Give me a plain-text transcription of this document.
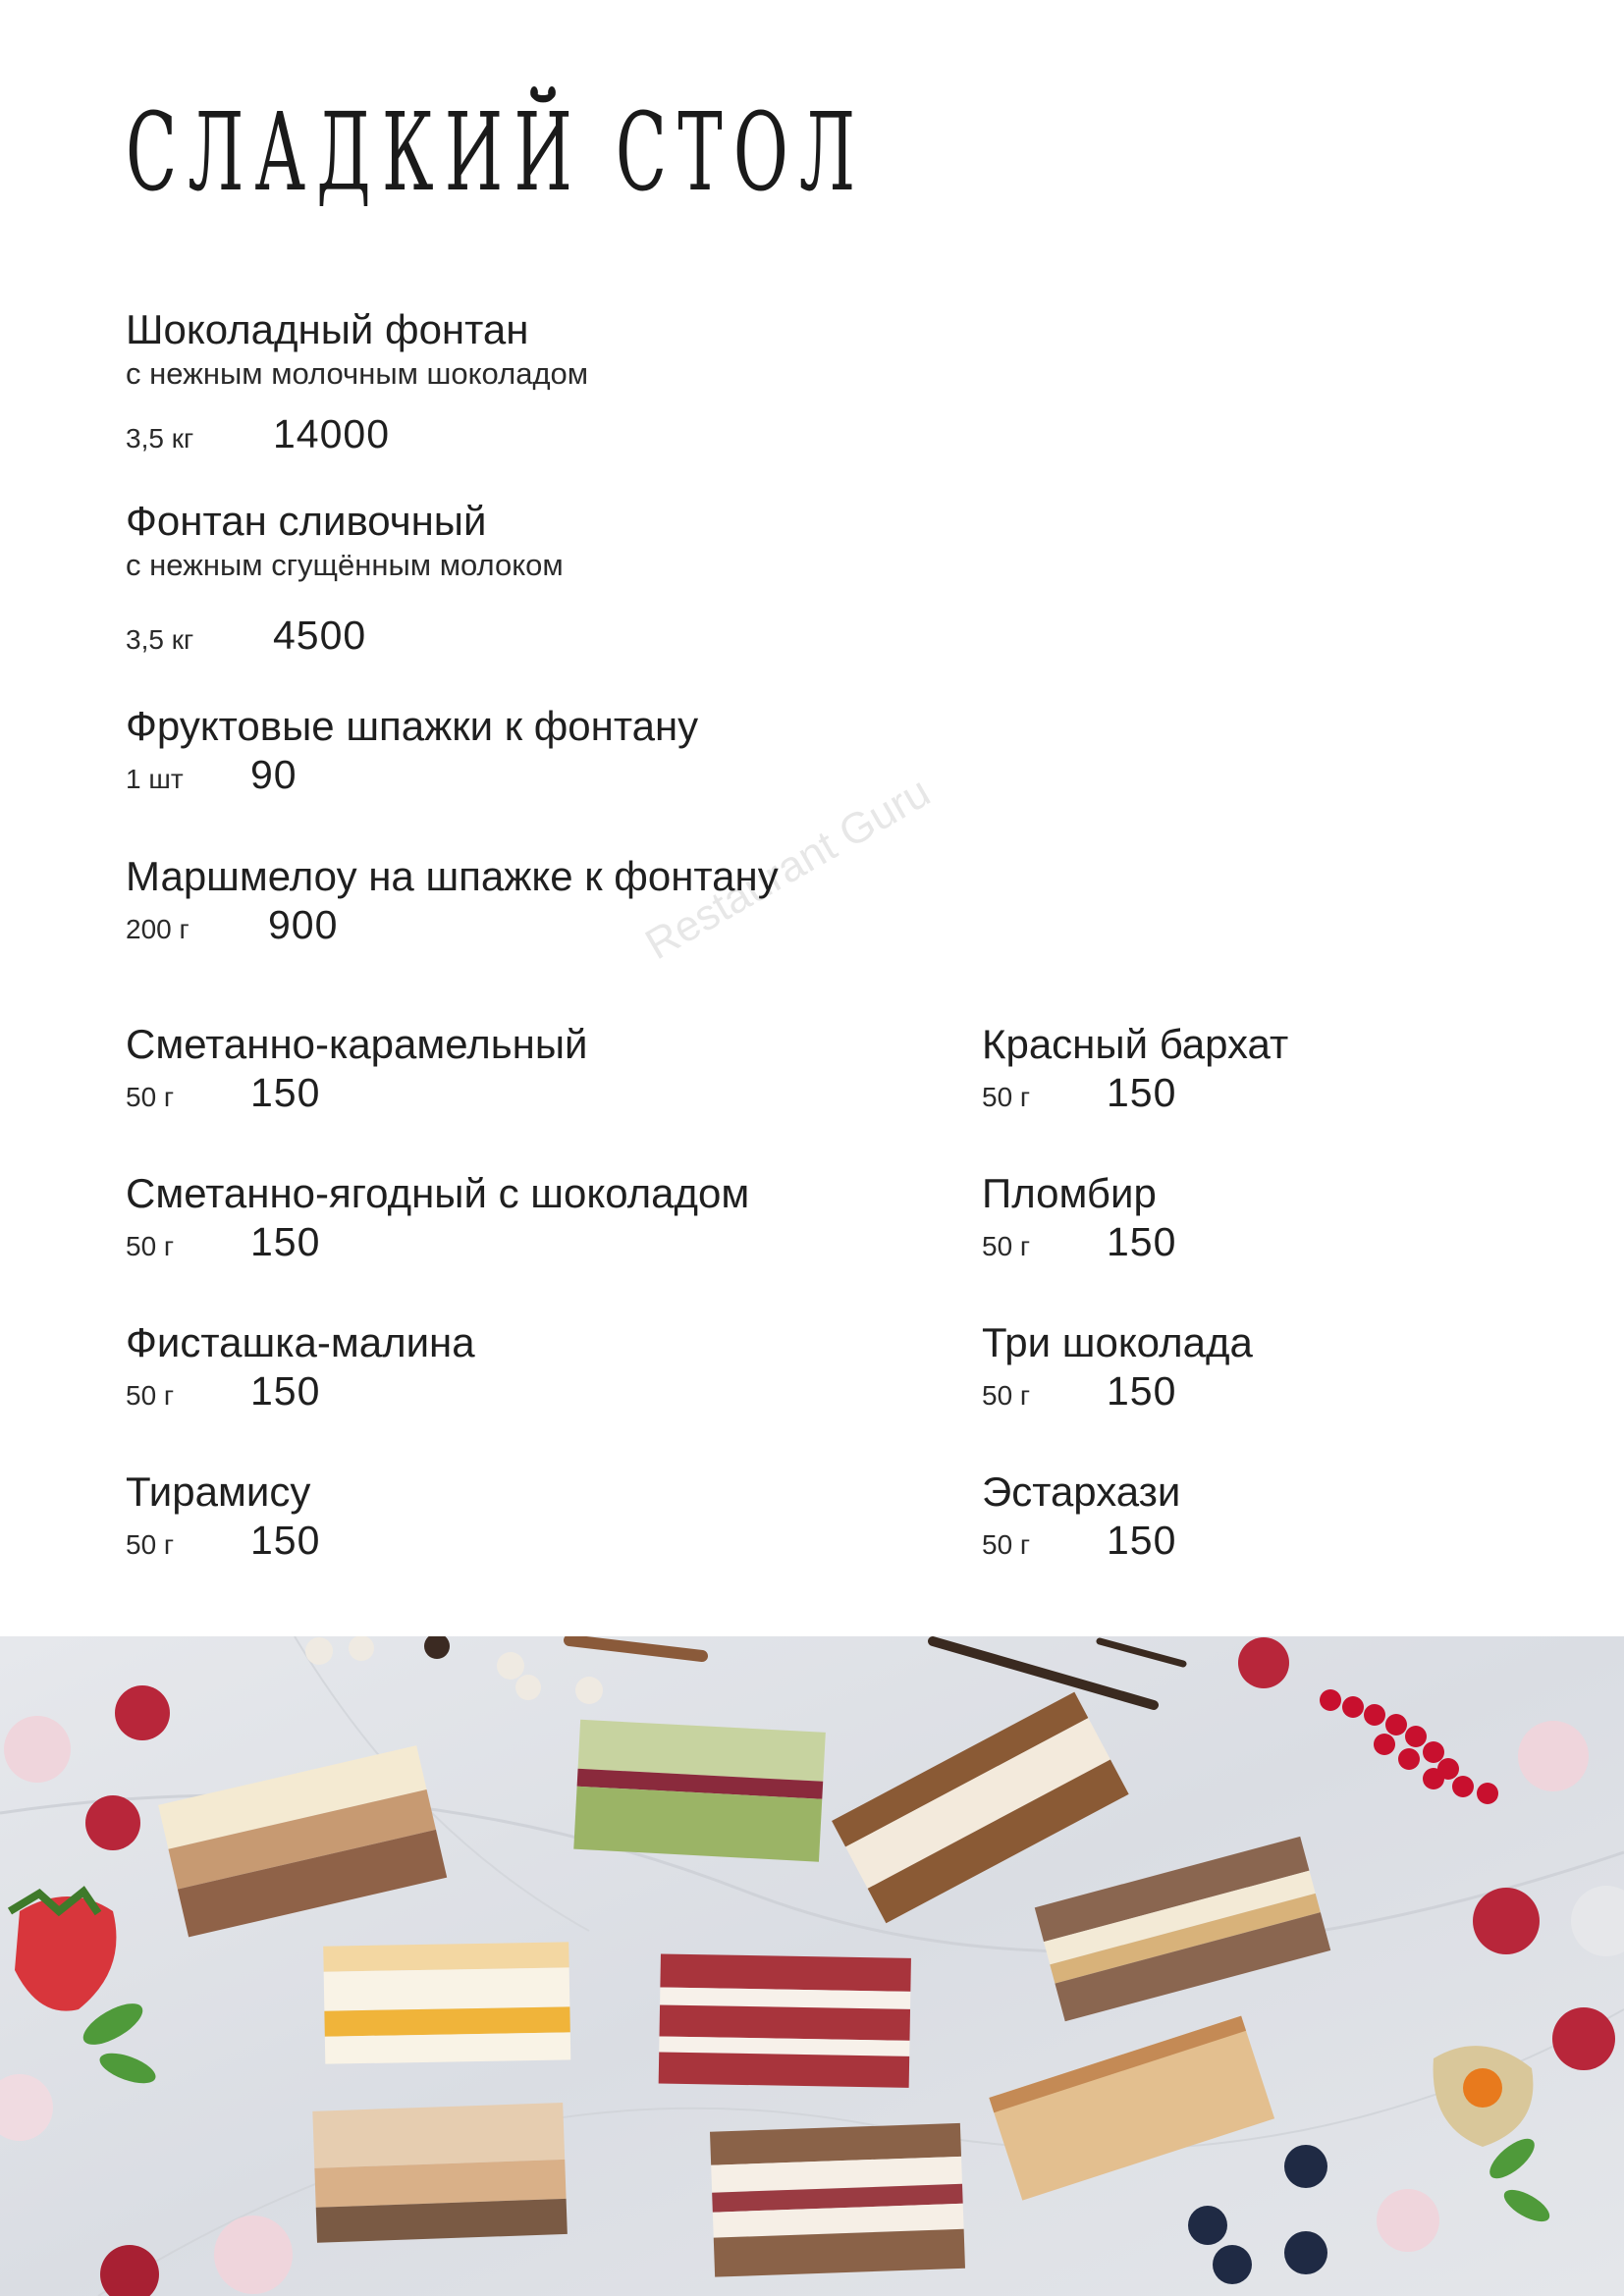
СЛАДКИЙ СТОЛ
Шоколадный фонтан
с нежным молочным шоколадом
3,5 кг	14000
Фонтан сливочный
с нежным сгущённым молоком
3,5 кг	4500
Фруктовые шпажки к фонтану
1 шт	90
Маршмелоу на шпажке к фонтану
200 г	900
Сметанно-карамельный
50 г	150
Сметанно-ягодный с шоколадом
50 г	150
Фисташка-малина
50 г	150
Тирамису
50 г	150
Красный бархат
50 г	150
Пломбир
50 г	150
Три шоколада
50 г	150
Эстархази
50 г	150
Restaurant Guru
